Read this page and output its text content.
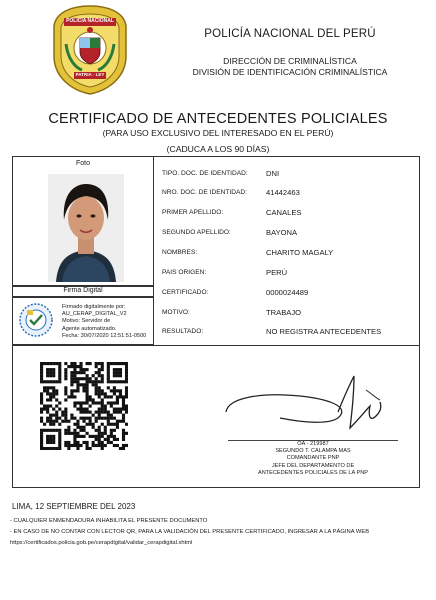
POLICÍA NACIONAL
PATRIA · LEY
POLICÍA NACIONAL DEL PERÚ
DIRECCIÓN DE CRIMINALÍSTICA
DIVISIÓN DE IDENTIFICACIÓN CRIMINALÍSTICA
CERTIFICADO DE ANTECEDENTES POLICIALES
(PARA USO EXCLUSIVO DEL INTERESADO EN EL PERÚ)
(CADUCA A LOS 90 DÍAS)
Foto
Firma Digital
Firmado digitalmente por:
AU_CERAP_DIGITAL_V2
Motivo: Servidor de
Agente automatizado.
Fecha: 30/07/2020 12:51:51-0500
TIPO. DOC. DE IDENTIDAD: DNI
NRO. DOC. DE IDENTIDAD:	41442463
PRIMER APELLIDO:	CANALES
SEGUNDO APELLIDO:	BAYONA
NOMBRES:	CHARITO MAGALY
PAIS ORIGEN:	PERÚ
CERTIFICADO:	0000024489
MOTIVO:	TRABAJO
RESULTADO:	NO REGISTRA ANTECEDENTES
OA - 219987
SEGUNDO T. CALAMPA MAS
COMANDANTE PNP
JEFE DEL DEPARTAMENTO DE
ANTECEDENTES POLICIALES DE LA PNP
LIMA, 12 SEPTIEMBRE DEL 2023
- CUALQUIER ENMENDADURA INHABILITA EL PRESENTE DOCUMENTO
- EN CASO DE NO CONTAR CON LECTOR QR, PARA LA VALIDACIÓN DEL PRESENTE CERTIFICADO, INGRESAR A LA PÁGINA WEB
https://certificados.policia.gob.pe/cerapdigital/validar_cerapdigital.xhtml
